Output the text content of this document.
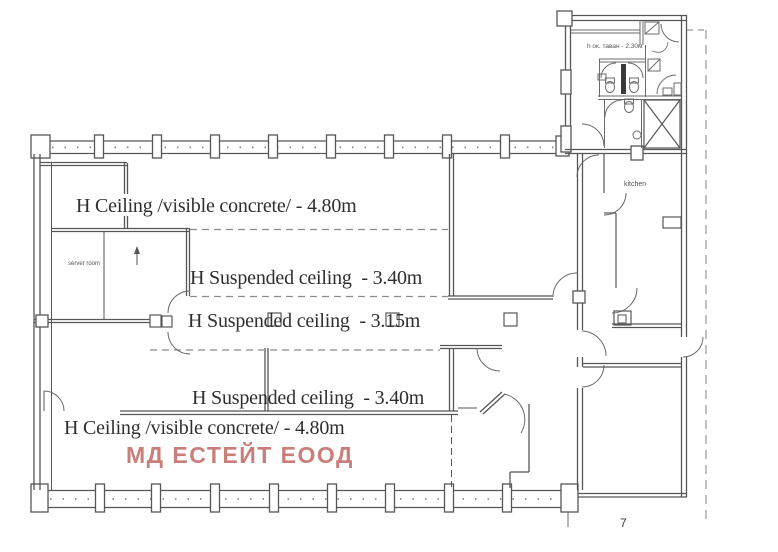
H Ceiling /visible concrete/ - 4.80m
H Suspended ceiling  - 3.40m
H Suspended ceiling  - 3.15m
H Suspended ceiling  - 3.40m
H Ceiling /visible concrete/ - 4.80m
server room
kitchen
h ок. таван - 2.30м
7
МД ЕСТЕЙТ ЕООД
